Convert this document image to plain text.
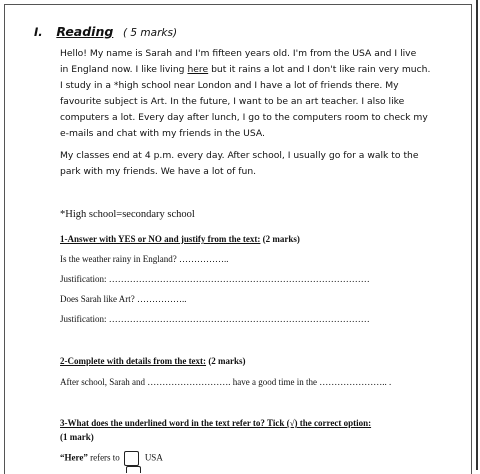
I. Reading ( 5 marks)
Hello! My name is Sarah and I'm fifteen years old. I'm from the USA and I live
in England now. I like living here but it rains a lot and I don't like rain very much.
I study in a *high school near London and I have a lot of friends there. My
favourite subject is Art. In the future, I want to be an art teacher. I also like
computers a lot. Every day after lunch, I go to the computers room to check my
e-mails and chat with my friends in the USA.
My classes end at 4 p.m. every day. After school, I usually go for a walk to the
park with my friends. We have a lot of fun.
*High school=secondary school
1-Answer with YES or NO and justify from the text: (2 marks)
Is the weather rainy in England? ……………..
Justification: ……………………………………………………………………………
Does Sarah like Art? ……………..
Justification: ……………………………………………………………………………
2-Complete with details from the text: (2 marks)
After school, Sarah and ………………………. have a good time in the ………………….. .
3-What does the underlined word in the text refer to? Tick (√) the correct option:
(1 mark)
“Here” refers to	USA
